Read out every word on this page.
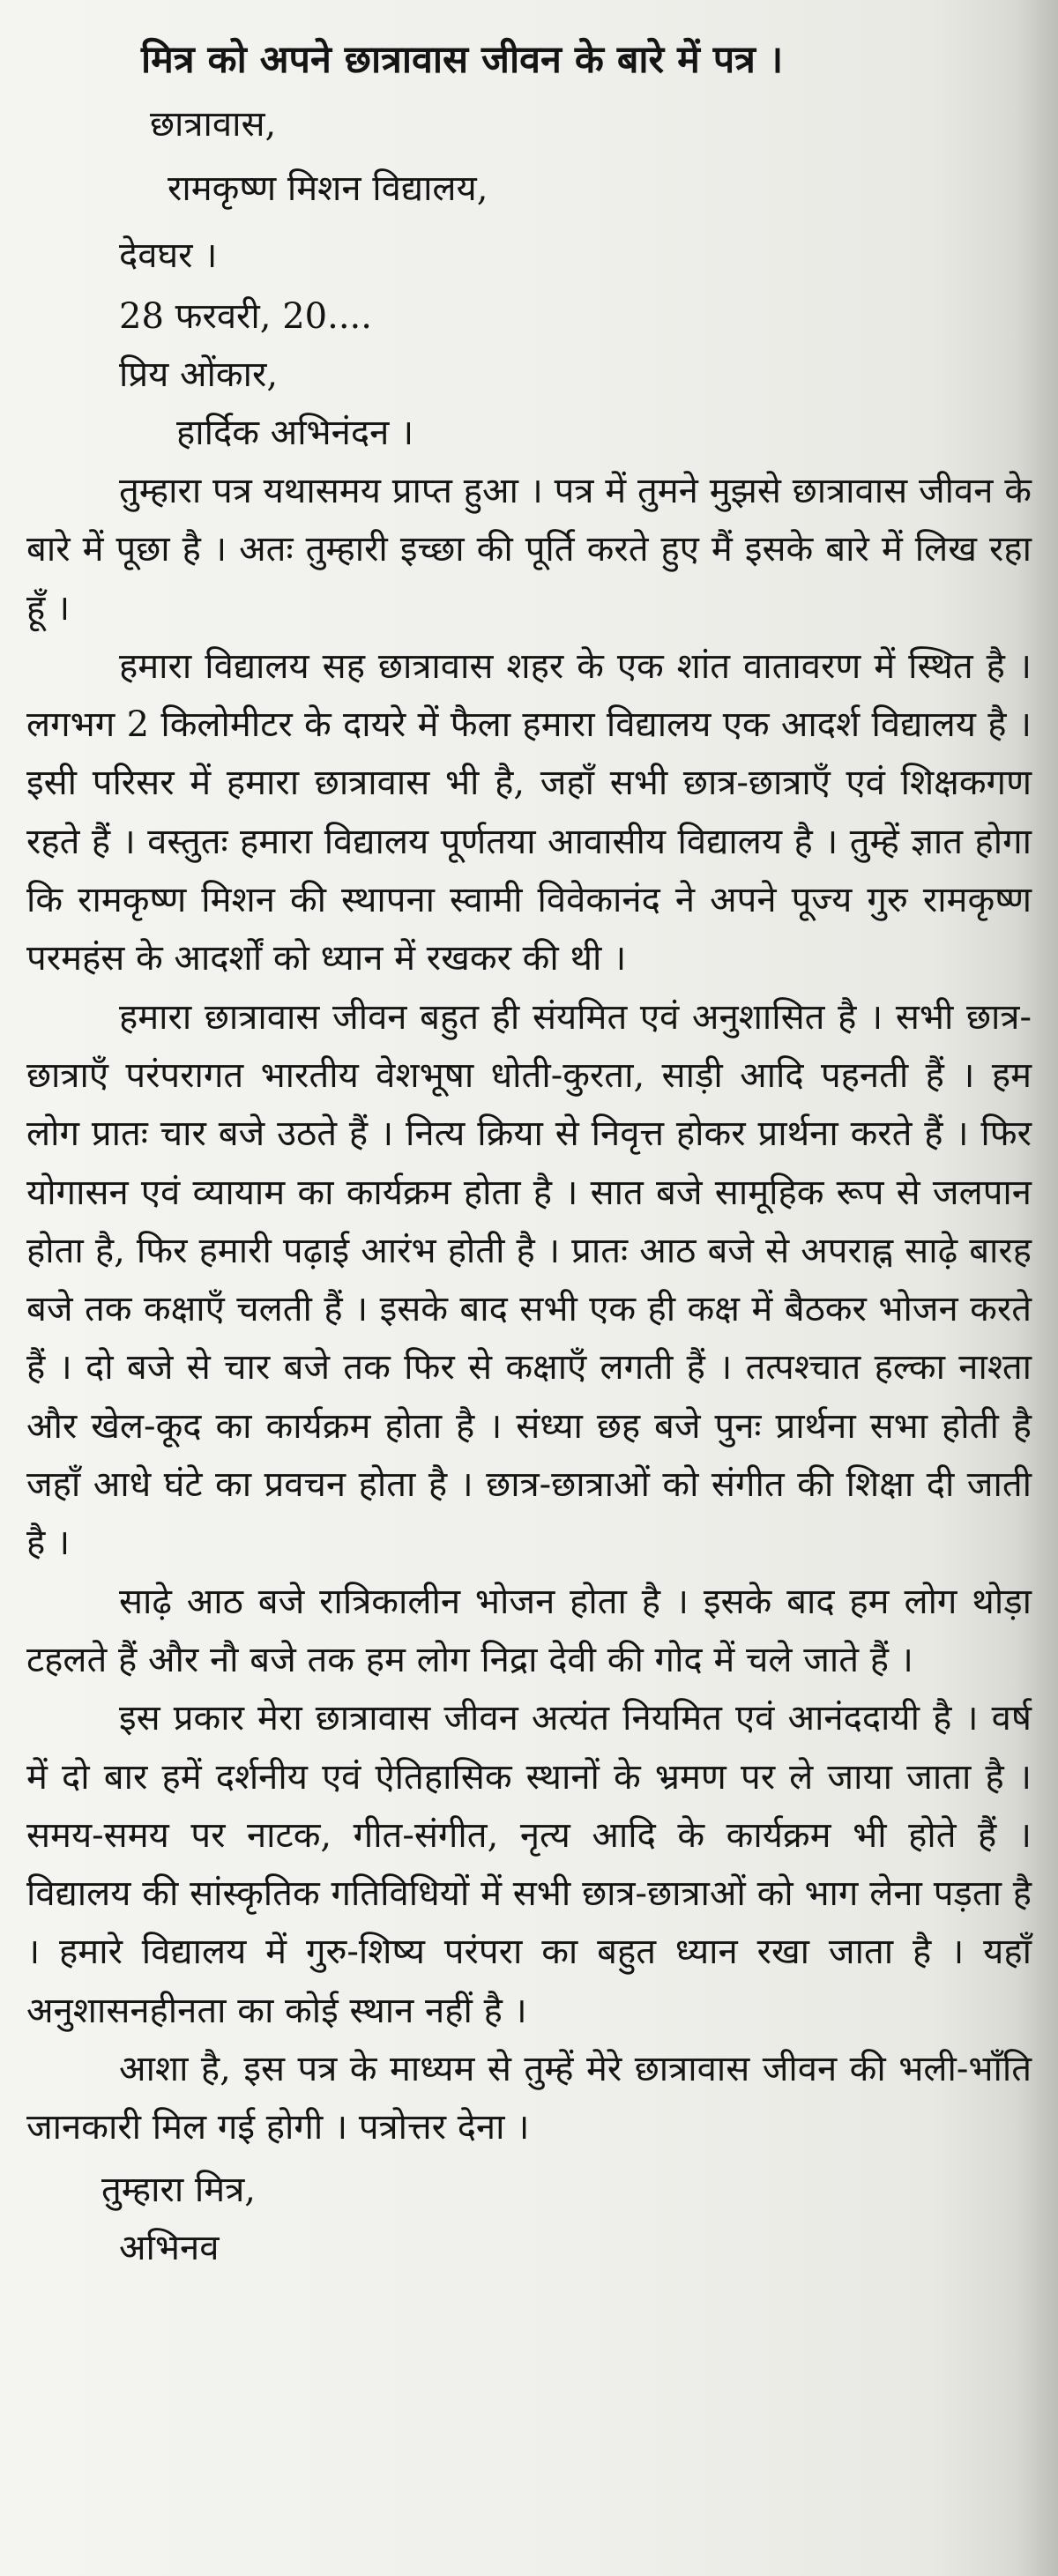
मित्र को अपने छात्रावास जीवन के बारे में पत्र ।
छात्रावास,
रामकृष्ण मिशन विद्यालय,
देवघर ।
28 फरवरी, 20....
प्रिय ओंकार,
हार्दिक अभिनंदन ।

तुम्हारा पत्र यथासमय प्राप्त हुआ । पत्र में तुमने मुझसे छात्रावास जीवन के बारे में पूछा है । अतः तुम्हारी इच्छा की पूर्ति करते हुए मैं इसके बारे में लिख रहा हूँ ।

हमारा विद्यालय सह छात्रावास शहर के एक शांत वातावरण में स्थित है । लगभग 2 किलोमीटर के दायरे में फैला हमारा विद्यालय एक आदर्श विद्यालय है । इसी परिसर में हमारा छात्रावास भी है, जहाँ सभी छात्र-छात्राएँ एवं शिक्षकगण रहते हैं । वस्तुतः हमारा विद्यालय पूर्णतया आवासीय विद्यालय है । तुम्हें ज्ञात होगा कि रामकृष्ण मिशन की स्थापना स्वामी विवेकानंद ने अपने पूज्य गुरु रामकृष्ण परमहंस के आदर्शों को ध्यान में रखकर की थी ।

हमारा छात्रावास जीवन बहुत ही संयमित एवं अनुशासित है । सभी छात्र-छात्राएँ परंपरागत भारतीय वेशभूषा धोती-कुरता, साड़ी आदि पहनती हैं । हम लोग प्रातः चार बजे उठते हैं । नित्य क्रिया से निवृत्त होकर प्रार्थना करते हैं । फिर योगासन एवं व्यायाम का कार्यक्रम होता है । सात बजे सामूहिक रूप से जलपान होता है, फिर हमारी पढ़ाई आरंभ होती है । प्रातः आठ बजे से अपराह्न साढ़े बारह बजे तक कक्षाएँ चलती हैं । इसके बाद सभी एक ही कक्ष में बैठकर भोजन करते हैं । दो बजे से चार बजे तक फिर से कक्षाएँ लगती हैं । तत्पश्चात हल्का नाश्ता और खेल-कूद का कार्यक्रम होता है । संध्या छह बजे पुनः प्रार्थना सभा होती है जहाँ आधे घंटे का प्रवचन होता है । छात्र-छात्राओं को संगीत की शिक्षा दी जाती है ।

साढ़े आठ बजे रात्रिकालीन भोजन होता है । इसके बाद हम लोग थोड़ा टहलते हैं और नौ बजे तक हम लोग निद्रा देवी की गोद में चले जाते हैं ।

इस प्रकार मेरा छात्रावास जीवन अत्यंत नियमित एवं आनंददायी है । वर्ष में दो बार हमें दर्शनीय एवं ऐतिहासिक स्थानों के भ्रमण पर ले जाया जाता है । समय-समय पर नाटक, गीत-संगीत, नृत्य आदि के कार्यक्रम भी होते हैं । विद्यालय की सांस्कृतिक गतिविधियों में सभी छात्र-छात्राओं को भाग लेना पड़ता है । हमारे विद्यालय में गुरु-शिष्य परंपरा का बहुत ध्यान रखा जाता है । यहाँ अनुशासनहीनता का कोई स्थान नहीं है ।

आशा है, इस पत्र के माध्यम से तुम्हें मेरे छात्रावास जीवन की भली-भाँति जानकारी मिल गई होगी । पत्रोत्तर देना ।

तुम्हारा मित्र,
अभिनव
